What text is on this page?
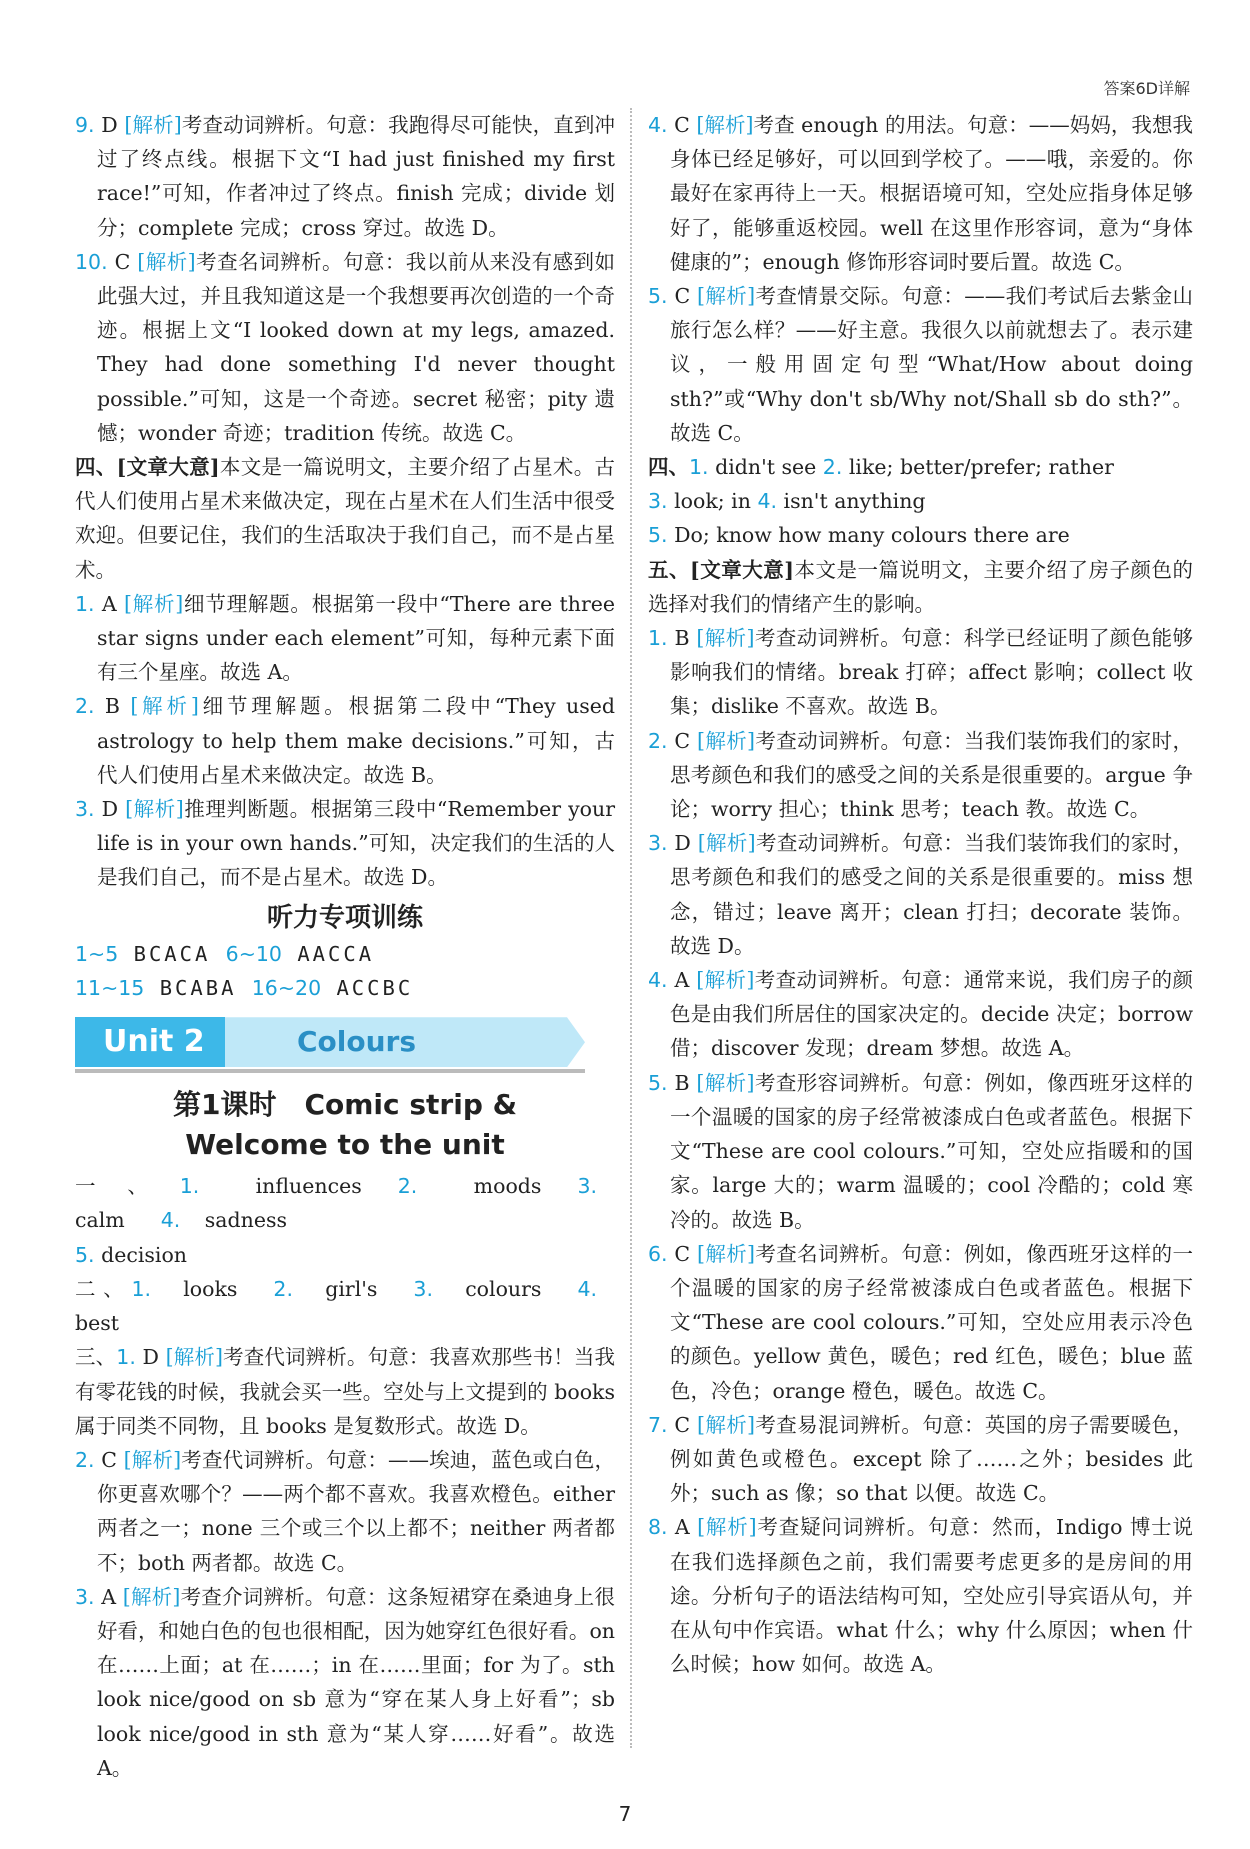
答案6D详解

9. D [解析]考查动词辨析。句意：我跑得尽可能快，直到冲过了终点线。根据下文“I had just finished my first race!”可知，作者冲过了终点。finish 完成；divide 划分；complete 完成；cross 穿过。故选 D。

10. C [解析]考查名词辨析。句意：我以前从来没有感到如此强大过，并且我知道这是一个我想要再次创造的一个奇迹。根据上文“I looked down at my legs, amazed. They had done something I'd never thought possible.”可知，这是一个奇迹。secret 秘密；pity 遗憾；wonder 奇迹；tradition 传统。故选 C。

四、[文章大意]本文是一篇说明文，主要介绍了占星术。古代人们使用占星术来做决定，现在占星术在人们生活中很受欢迎。但要记住，我们的生活取决于我们自己，而不是占星术。

1. A [解析]细节理解题。根据第一段中“There are three star signs under each element”可知，每种元素下面有三个星座。故选 A。

2. B [解析]细节理解题。根据第二段中“They used astrology to help them make decisions.”可知，古代人们使用占星术来做决定。故选 B。

3. D [解析]推理判断题。根据第三段中“Remember your life is in your own hands.”可知，决定我们的生活的人是我们自己，而不是占星术。故选 D。

听力专项训练

1~5 BCACA 6~10 AACCA

11~15 BCABA 16~20 ACCBC

Unit 2	Colours
第1课时　Comic strip &
Welcome to the unit

一、1. influences 2. moods 3. calm 4. sadness

5. decision

二、1. looks 2. girl's 3. colours 4. best

三、1. D [解析]考查代词辨析。句意：我喜欢那些书！当我有零花钱的时候，我就会买一些。空处与上文提到的 books 属于同类不同物，且 books 是复数形式。故选 D。

2. C [解析]考查代词辨析。句意：——埃迪，蓝色或白色，你更喜欢哪个？——两个都不喜欢。我喜欢橙色。either 两者之一；none 三个或三个以上都不；neither 两者都不；both 两者都。故选 C。

3. A [解析]考查介词辨析。句意：这条短裙穿在桑迪身上很好看，和她白色的包也很相配，因为她穿红色很好看。on 在……上面；at 在……；in 在……里面；for 为了。sth look nice/good on sb 意为“穿在某人身上好看”；sb look nice/good in sth 意为“某人穿……好看”。故选 A。

4. C [解析]考查 enough 的用法。句意：——妈妈，我想我身体已经足够好，可以回到学校了。——哦，亲爱的。你最好在家再待上一天。根据语境可知，空处应指身体足够好了，能够重返校园。well 在这里作形容词，意为“身体健康的”；enough 修饰形容词时要后置。故选 C。

5. C [解析]考查情景交际。句意：——我们考试后去紫金山旅行怎么样？——好主意。我很久以前就想去了。表示建议，一般用固定句型“What/How about doing sth?”或“Why don't sb/Why not/Shall sb do sth?”。故选 C。

四、1. didn't see 2. like; better/prefer; rather

3. look; in 4. isn't anything

5. Do; know how many colours there are

五、[文章大意]本文是一篇说明文，主要介绍了房子颜色的选择对我们的情绪产生的影响。

1. B [解析]考查动词辨析。句意：科学已经证明了颜色能够影响我们的情绪。break 打碎；affect 影响；collect 收集；dislike 不喜欢。故选 B。

2. C [解析]考查动词辨析。句意：当我们装饰我们的家时，思考颜色和我们的感受之间的关系是很重要的。argue 争论；worry 担心；think 思考；teach 教。故选 C。

3. D [解析]考查动词辨析。句意：当我们装饰我们的家时，思考颜色和我们的感受之间的关系是很重要的。miss 想念，错过；leave 离开；clean 打扫；decorate 装饰。故选 D。

4. A [解析]考查动词辨析。句意：通常来说，我们房子的颜色是由我们所居住的国家决定的。decide 决定；borrow 借；discover 发现；dream 梦想。故选 A。

5. B [解析]考查形容词辨析。句意：例如，像西班牙这样的一个温暖的国家的房子经常被漆成白色或者蓝色。根据下文“These are cool colours.”可知，空处应指暖和的国家。large 大的；warm 温暖的；cool 冷酷的；cold 寒冷的。故选 B。

6. C [解析]考查名词辨析。句意：例如，像西班牙这样的一个温暖的国家的房子经常被漆成白色或者蓝色。根据下文“These are cool colours.”可知，空处应用表示冷色的颜色。yellow 黄色，暖色；red 红色，暖色；blue 蓝色，冷色；orange 橙色，暖色。故选 C。

7. C [解析]考查易混词辨析。句意：英国的房子需要暖色，例如黄色或橙色。except 除了……之外；besides 此外；such as 像；so that 以便。故选 C。

8. A [解析]考查疑问词辨析。句意：然而，Indigo 博士说在我们选择颜色之前，我们需要考虑更多的是房间的用途。分析句子的语法结构可知，空处应引导宾语从句，并在从句中作宾语。what 什么；why 什么原因；when 什么时候；how 如何。故选 A。

7
